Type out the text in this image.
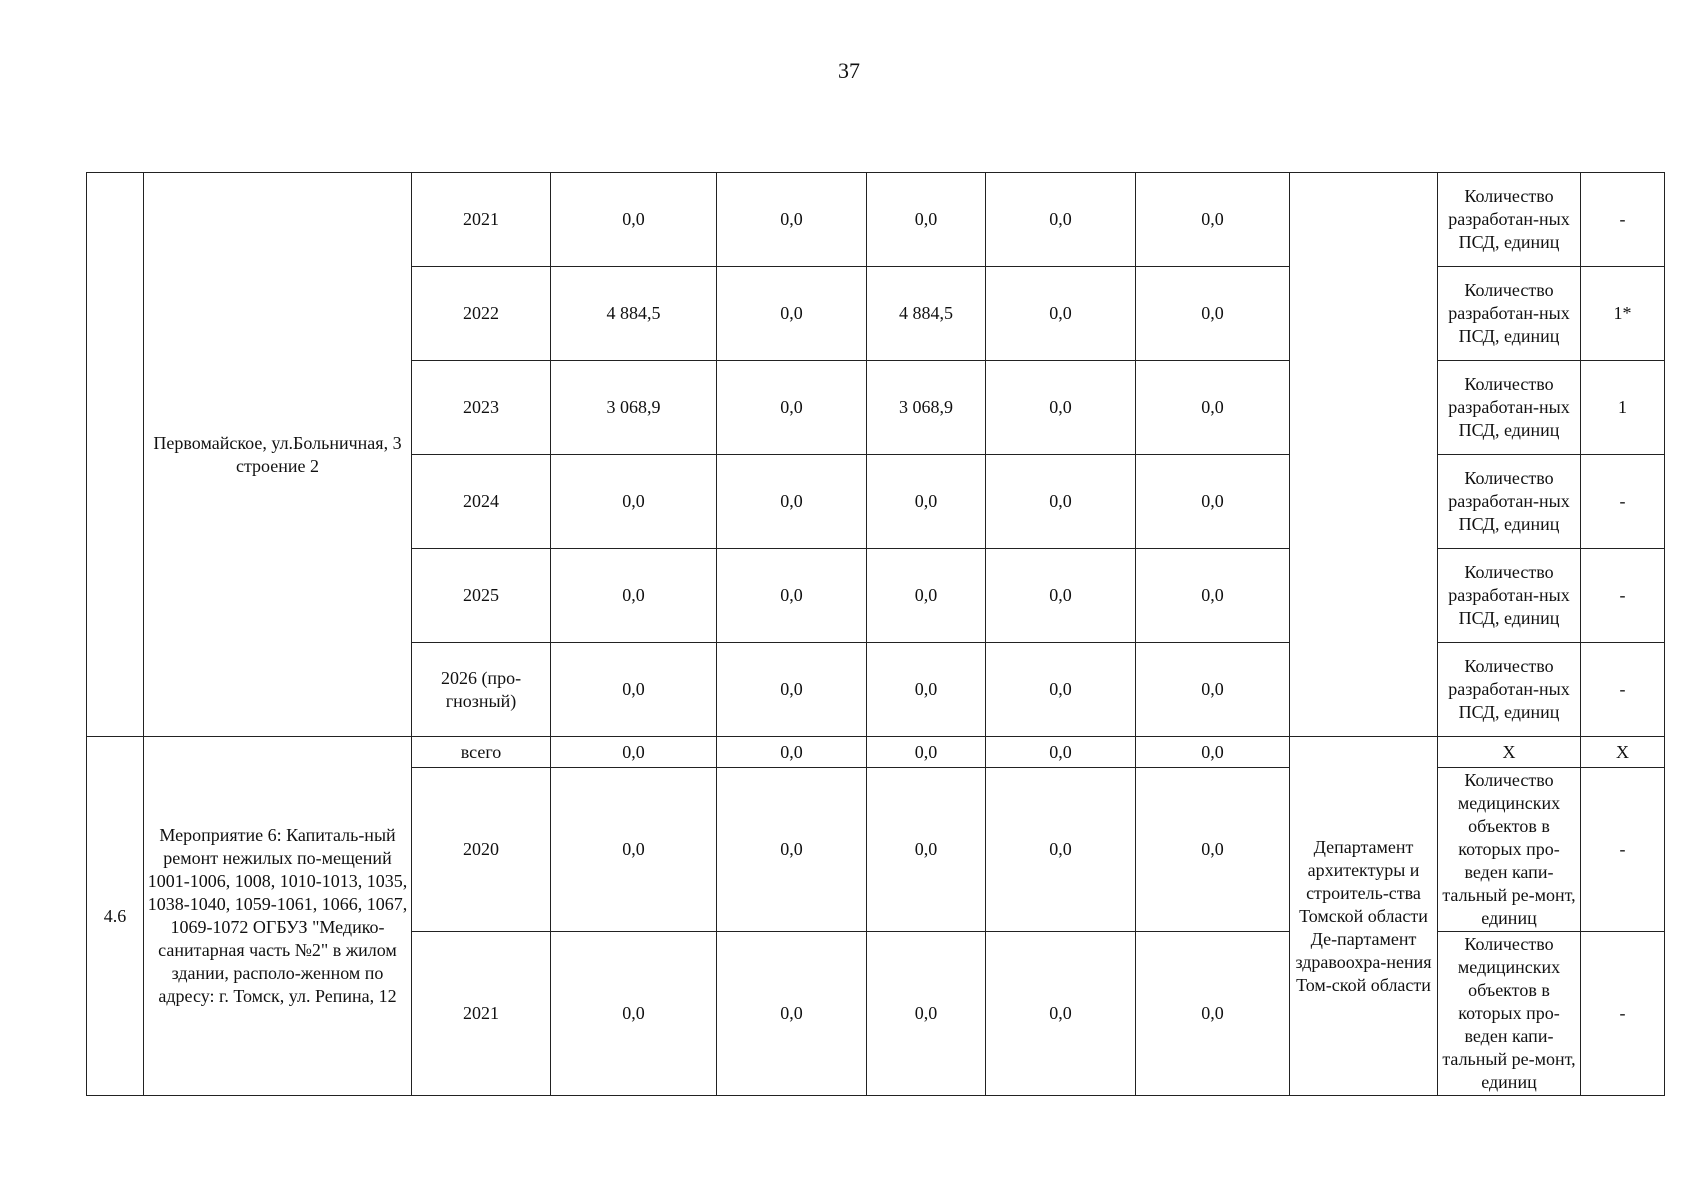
37
	Первомайское, ул.Больничная, 3 строение 2	2021	0,0	0,0	0,0	0,0	0,0		Количество разработан-ных ПСД, единиц	-
		2022	4 884,5	0,0	4 884,5	0,0	0,0		Количество разработан-ных ПСД, единиц	1*
		2023	3 068,9	0,0	3 068,9	0,0	0,0		Количество разработан-ных ПСД, единиц	1
		2024	0,0	0,0	0,0	0,0	0,0		Количество разработан-ных ПСД, единиц	-
		2025	0,0	0,0	0,0	0,0	0,0		Количество разработан-ных ПСД, единиц	-
		2026 (про-гнозный)	0,0	0,0	0,0	0,0	0,0		Количество разработан-ных ПСД, единиц	-
4.6	Мероприятие 6: Капиталь-ный ремонт нежилых по-мещений 1001-1006, 1008, 1010-1013, 1035, 1038-1040, 1059-1061, 1066, 1067, 1069-1072 ОГБУЗ "Медико-санитарная часть №2" в жилом здании, располо-женном по адресу: г. Томск, ул. Репина, 12	всего	0,0	0,0	0,0	0,0	0,0	Департамент архитектуры и строитель-ства Томской области Де-партамент здравоохра-нения Том-ской области	Х	Х
		2020	0,0	0,0	0,0	0,0	0,0		Количество медицинских объектов в которых про-веден капи-тальный ре-монт, единиц	-
		2021	0,0	0,0	0,0	0,0	0,0		Количество медицинских объектов в которых про-веден капи-тальный ре-монт, единиц	-
